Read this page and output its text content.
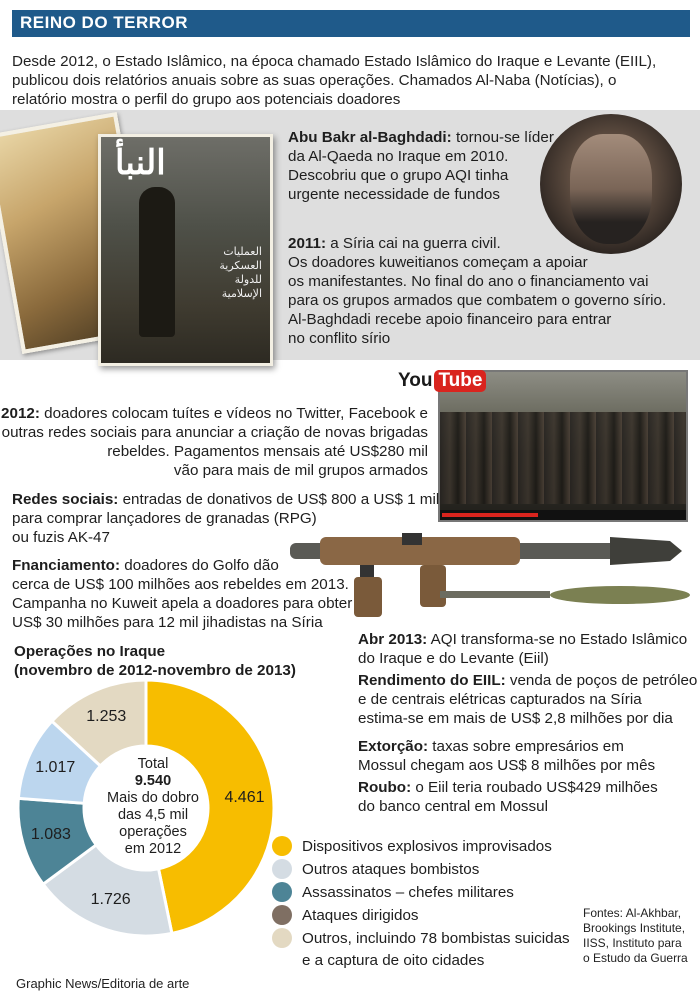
REINO DO TERROR

Desde 2012, o Estado Islâmico, na época chamado Estado Islâmico do Iraque e Levante (EIIL),

publicou dois relatórios anuais sobre as suas operações. Chamados Al-Naba (Notícias), o

relatório mostra o perfil do grupo aos potenciais doadores

النبأ
العمليات العسكرية للدولة الإسلامية
Abu Bakr al-Baghdadi: tornou-se líder
da Al-Qaeda no Iraque em 2010.
Descobriu que o grupo AQI tinha
urgente necessidade de fundos
2011: a Síria cai na guerra civil.
Os doadores kuweitianos começam a apoiar
os manifestantes. No final do ano o financiamento vai
para os grupos armados que combatem o governo sírio.
Al-Baghdadi recebe apoio financeiro para entrar
no conflito sírio
You Tube
2012: doadores colocam tuítes e vídeos no Twitter, Facebook e
outras redes sociais para anunciar a criação de novas brigadas
rebeldes. Pagamentos mensais até US$280 mil
vão para mais de mil grupos armados
Redes sociais: entradas de donativos de US$ 800 a US$ 1 mil
para comprar lançadores de granadas (RPG)
ou fuzis AK-47
Fnanciamento: doadores do Golfo dão
cerca de US$ 100 milhões aos rebeldes em 2013.
Campanha no Kuweit apela a doadores para obter
US$ 30 milhões para 12 mil jihadistas na Síria
Abr 2013: AQI transforma-se no Estado Islâmico
do Iraque e do Levante (Eiil)
Rendimento do EIIL: venda de poços de petróleo
e de centrais elétricas capturados na Síria
estima-se em mais de US$ 2,8 milhões por dia
Extorção: taxas sobre empresários em
Mossul chegam aos US$ 8 milhões por mês
Roubo: o Eiil teria roubado US$429 milhões
do banco central em Mossul
Operações no Iraque
(novembro de 2012-novembro de 2013)
4.461
1.726
1.083
1.017
1.253
Total
9.540
Mais do dobro
das 4,5 mil
operações
em 2012	Dispositivos explosivos improvisados
Outros ataques bombistos
Assassinatos – chefes militares
Ataques dirigidos
Outros, incluindo 78 bombistas suicidas
e a captura de oito cidades
Fontes: Al-Akhbar,
Brookings Institute,
IISS, Instituto para
o Estudo da Guerra
Graphic News/Editoria de arte
